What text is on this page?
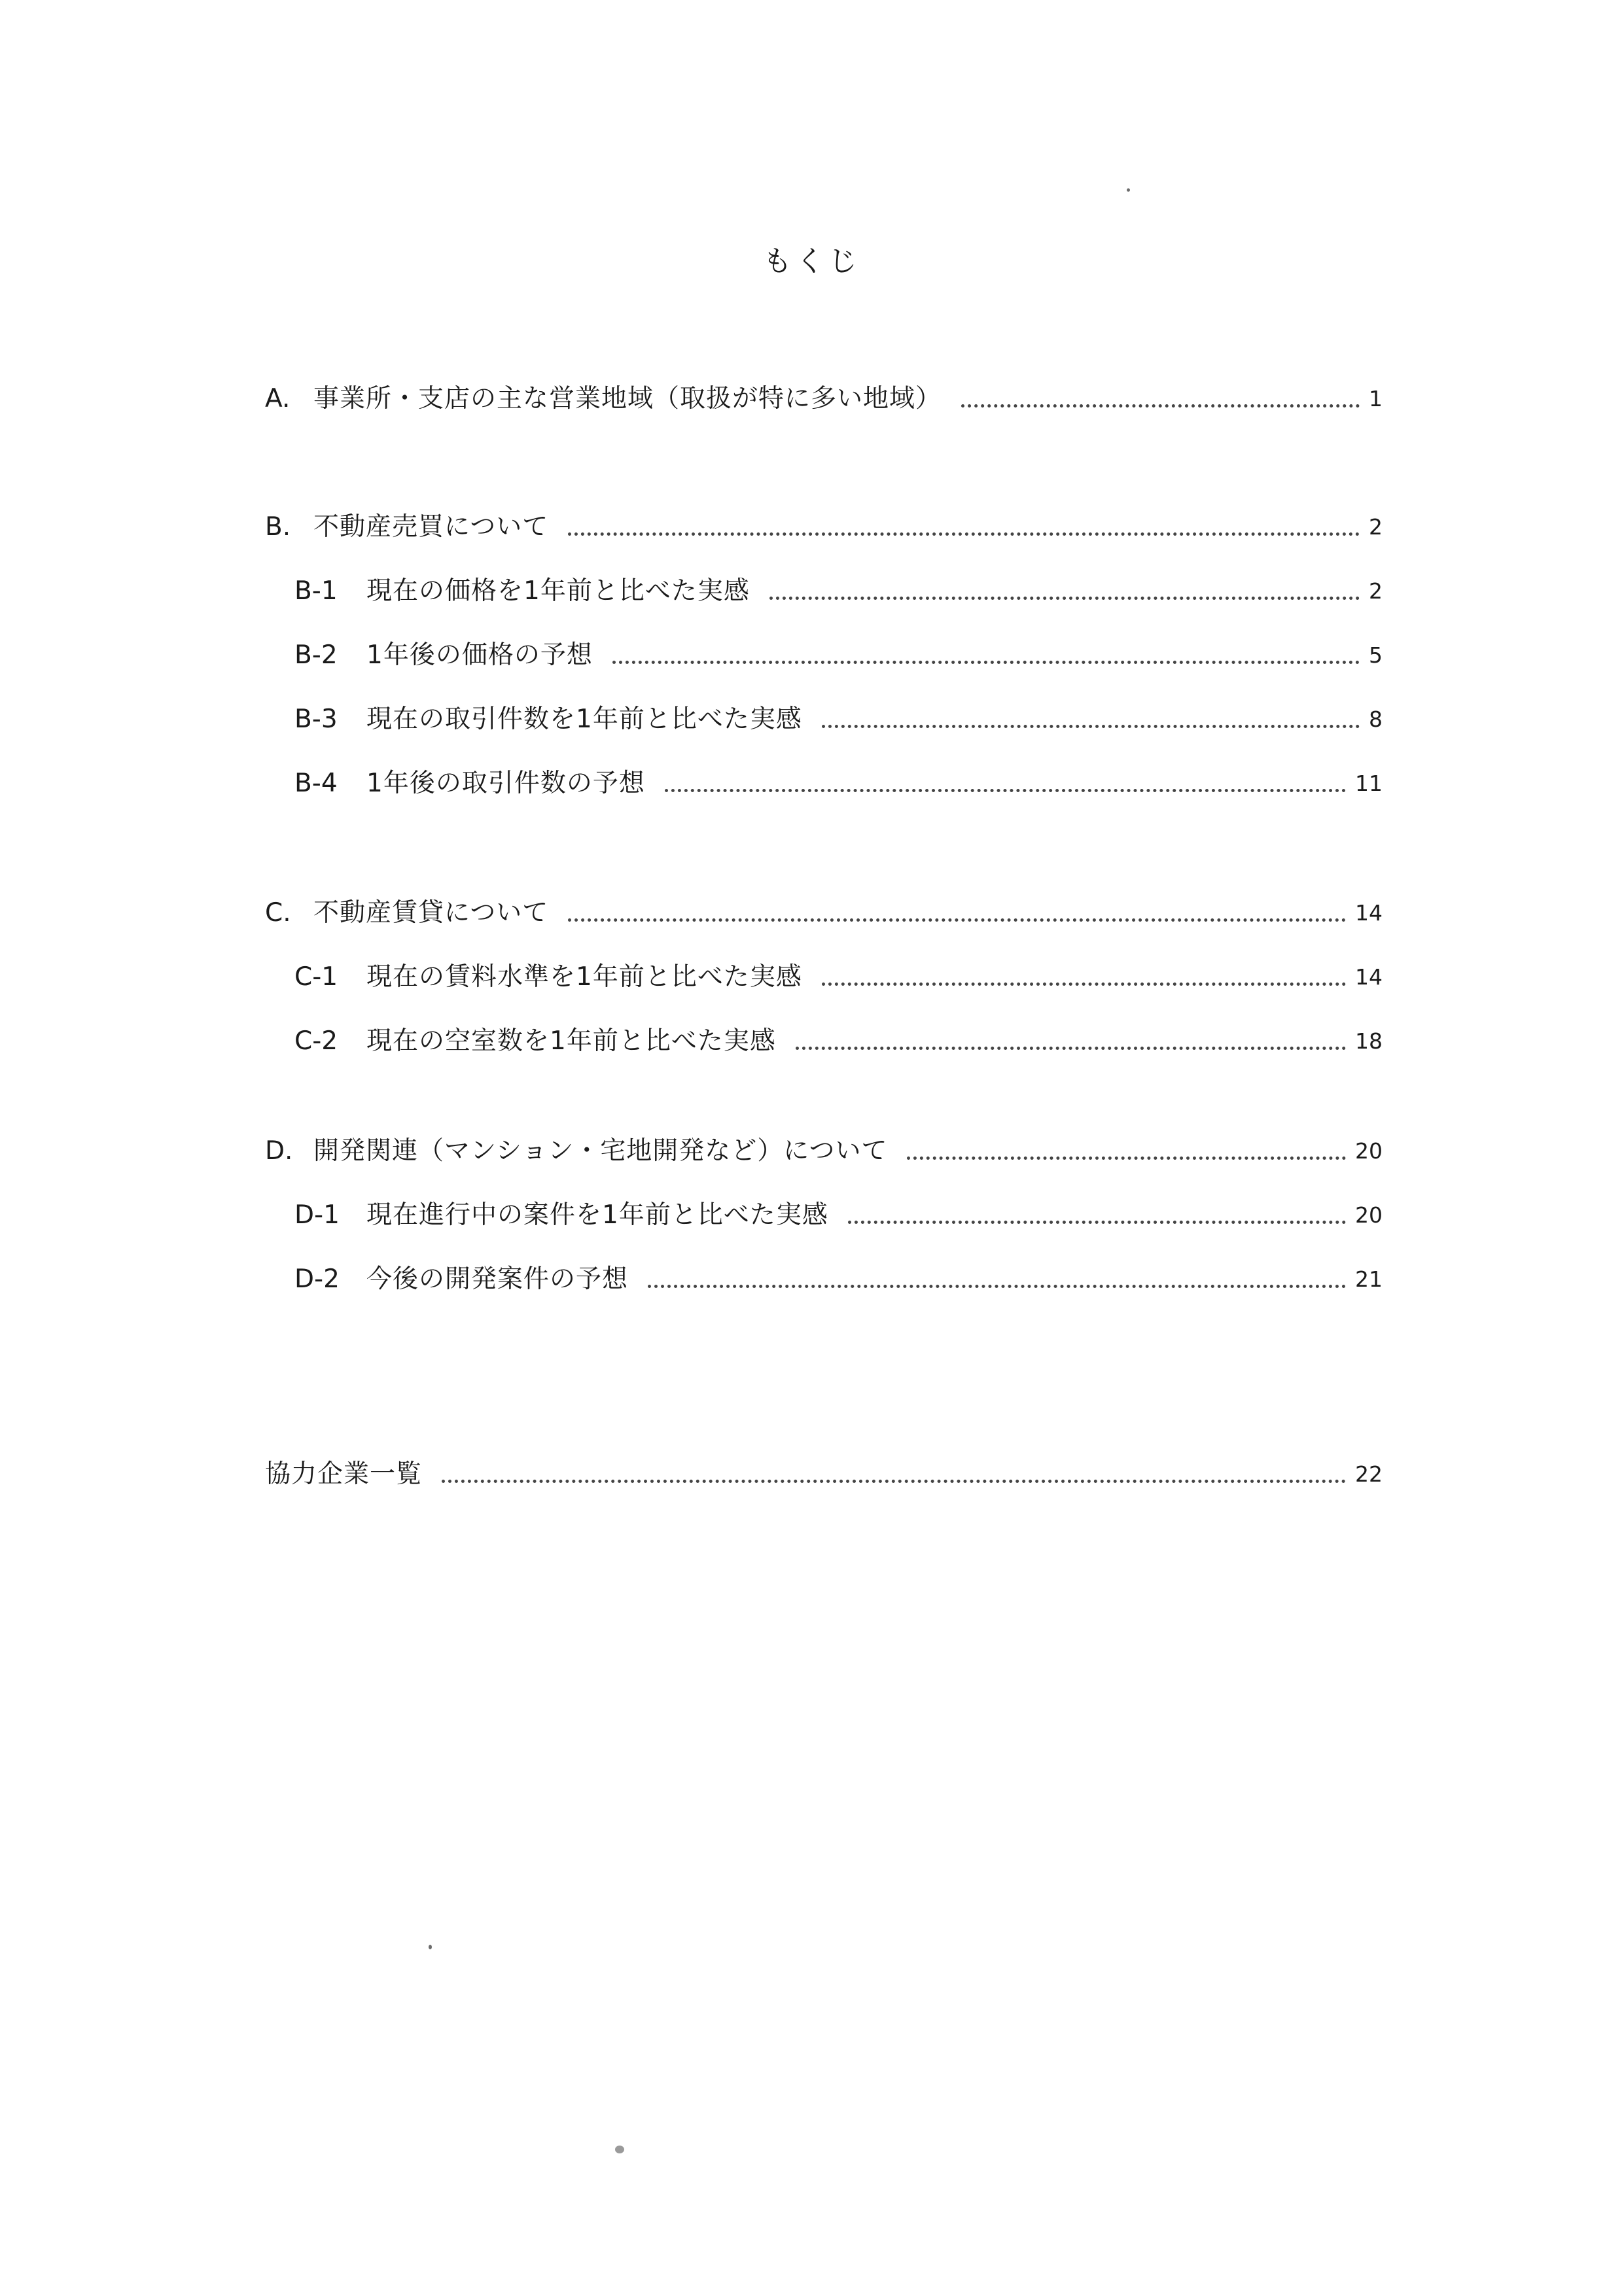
もくじ
A. 事業所・支店の主な営業地域（取扱が特に多い地域）	1
B. 不動産売買について	2
B-1	現在の価格を1年前と比べた実感	2
B-2	1年後の価格の予想	5
B-3	現在の取引件数を1年前と比べた実感	8
B-4	1年後の取引件数の予想	11
C. 不動産賃貸について	14
C-1	現在の賃料水準を1年前と比べた実感	14
C-2	現在の空室数を1年前と比べた実感	18
D. 開発関連（マンション・宅地開発など）について	20
D-1	現在進行中の案件を1年前と比べた実感	20
D-2	今後の開発案件の予想	21
協力企業一覧	22
